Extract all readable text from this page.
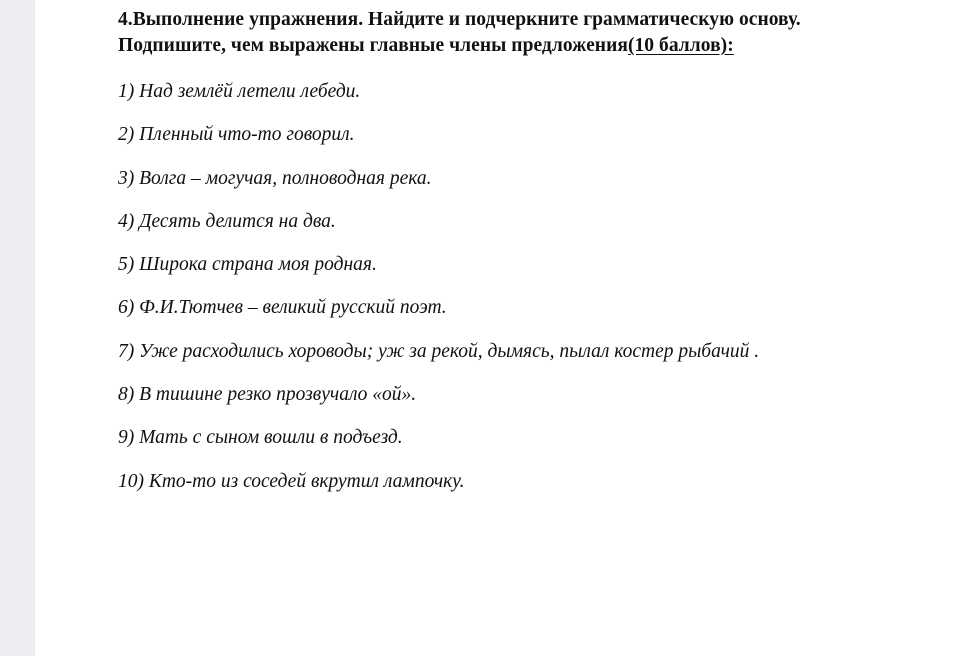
4.Выполнение упражнения. Найдите и подчеркните грамматическую основу.
Подпишите, чем выражены главные члены предложения(10 баллов):
1) Над землёй летели лебеди.
2) Пленный что-то говорил.
3) Волга – могучая, полноводная река.
4) Десять делится на два.
5) Широка страна моя родная.
6) Ф.И.Тютчев – великий русский поэт.
7) Уже расходились хороводы; уж за рекой, дымясь, пылал костер рыбачий .
8) В тишине резко прозвучало «ой».
9) Мать с сыном вошли в подъезд.
10) Кто-то из соседей вкрутил лампочку.
